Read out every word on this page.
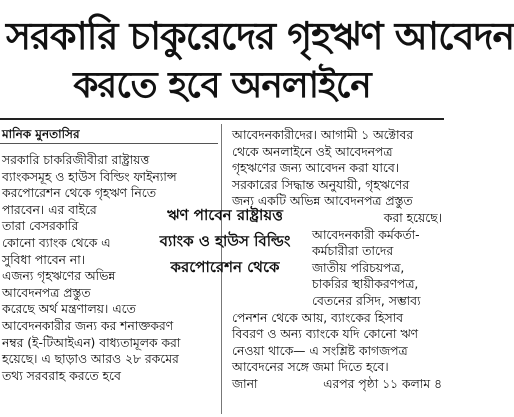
সরকারি চাকুরেদের গৃহঋণ আবেদন
করতে হবে অনলাইনে
মানিক মুনতাসির
সরকারি চাকরিজীবীরা রাষ্ট্রায়ত্ত
ব্যাংকসমূহ ও হাউস বিল্ডিং ফাইন্যান্স
করপোরেশন থেকে গৃহঋণ নিতে
পারবেন। এর বাইরে
তারা বেসরকারি
কোনো ব্যাংক থেকে এ
সুবিধা পাবেন না।
এজন্য গৃহঋণের অভিন্ন
আবেদনপত্র প্রস্তুত
করেছে অর্থ মন্ত্রণালয়। এতে
আবেদনকারীর জন্য কর শনাক্তকরণ
নম্বর (ই-টিআইএন) বাধ্যতামূলক করা
হয়েছে। এ ছাড়াও আরও ২৮ রকমের
তথ্য সরবরাহ করতে হবে
আবেদনকারীদের। আগামী ১ অক্টোবর
থেকে অনলাইনে ওই আবেদনপত্র
গৃহঋণের জন্য আবেদন করা যাবে।
সরকারের সিদ্ধান্ত অনুযায়ী, গৃহঋণের
জন্য একটি অভিন্ন আবেদনপত্র প্রস্তুত
করা হয়েছে।
আবেদনকারী কর্মকর্তা-
কর্মচারীরা তাদের
জাতীয় পরিচয়পত্র,
চাকরির স্থায়ীকরণপত্র,
বেতনের রসিদ, সম্ভাব্য
পেনশন থেকে আয়, ব্যাংকের হিসাব
বিবরণ ও অন্য ব্যাংকে যদি কোনো ঋণ
নেওয়া থাকে— এ সংশ্লিষ্ট কাগজপত্র
আবেদনের সঙ্গে জমা দিতে হবে।
জানা	এরপর পৃষ্ঠা ১১ কলাম ৪
ঋণ পাবেন রাষ্ট্রায়ত্ত
ব্যাংক ও হাউস বিল্ডিং
করপোরেশন থেকে
